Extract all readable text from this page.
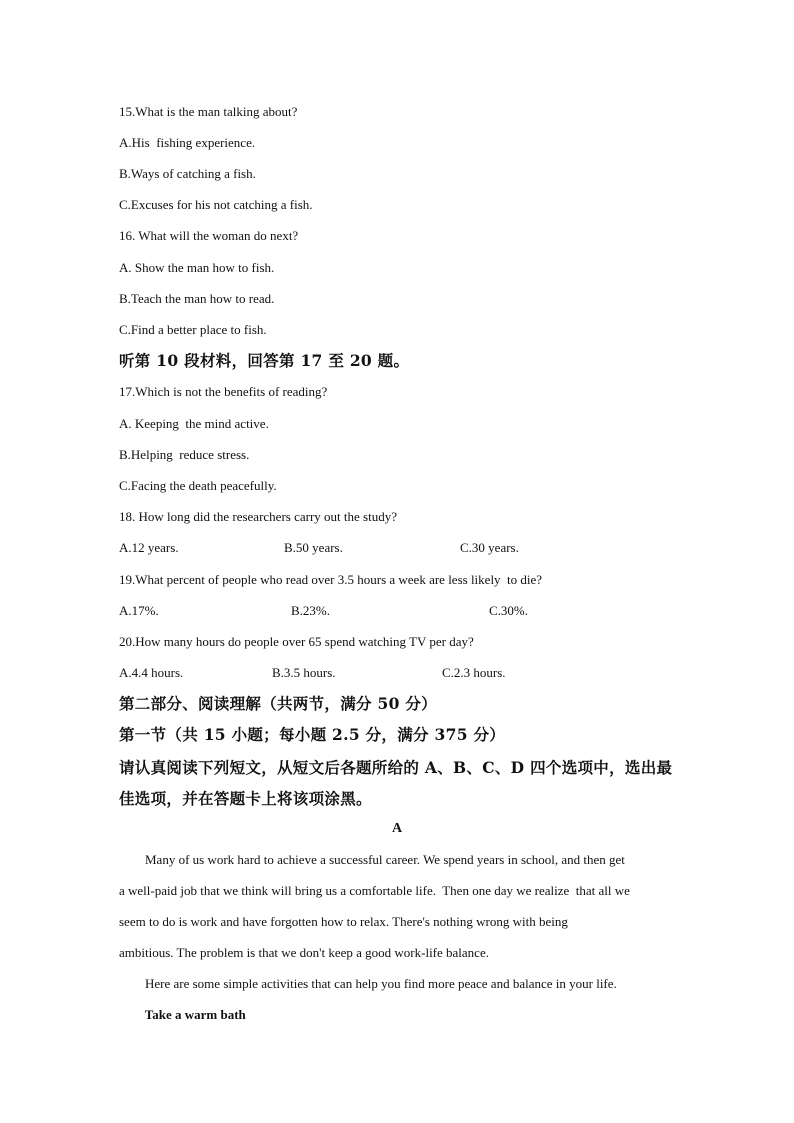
15.What is the man talking about?
A.His  fishing experience.
B.Ways of catching a fish.
C.Excuses for his not catching a fish.
16. What will the woman do next?
A. Show the man how to fish.
B.Teach the man how to read.
C.Find a better place to fish.
听第 10 段材料，回答第 17 至 20 题。
17.Which is not the benefits of reading?
A. Keeping  the mind active.
B.Helping  reduce stress.
C.Facing the death peacefully.
18. How long did the researchers carry out the study?
A.12 years.	B.50 years.	C.30 years.
19.What percent of people who read over 3.5 hours a week are less likely  to die?
A.17%.	B.23%.	C.30%.
20.How many hours do people over 65 spend watching TV per day?
A.4.4 hours.	B.3.5 hours.	C.2.3 hours.
第二部分、阅读理解（共两节，满分 50 分）
第一节（共 15 小题；每小题 2.5 分，满分 375 分）
请认真阅读下列短文，从短文后各题所给的 A、B、C、D 四个选项中，选出最
佳选项，并在答题卡上将该项涂黑。
A
Many of us work hard to achieve a successful career. We spend years in school, and then get
a well-paid job that we think will bring us a comfortable life.  Then one day we realize  that all we
seem to do is work and have forgotten how to relax. There's nothing wrong with being
ambitious. The problem is that we don't keep a good work-life balance.
Here are some simple activities that can help you find more peace and balance in your life.
Take a warm bath
